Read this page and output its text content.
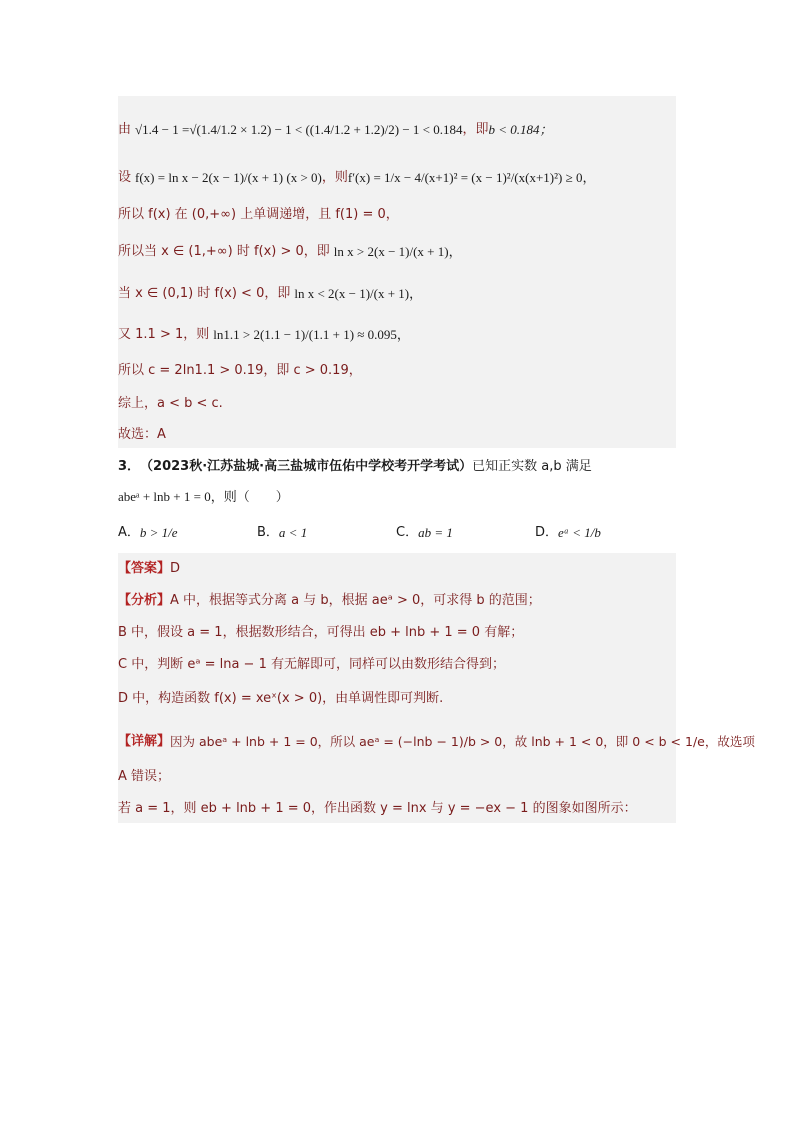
由 √1.4 − 1 = √(1.4/1.2 × 1.2) − 1 < ((1.4/1.2 + 1.2)/2) − 1 < 0.184 ，即 b < 0.184；
设 f(x) = ln x − 2(x − 1)/(x + 1) (x > 0) ，则 f′(x) = 1/x − 4/(x+1)² = (x − 1)²/(x(x+1)²) ≥ 0，
所以 f(x) 在 (0,+∞) 上单调递增，且 f(1) = 0，
所以当 x ∈ (1,+∞) 时 f(x) > 0，即 ln x > 2(x − 1)/(x + 1)，
当 x ∈ (0,1) 时 f(x) < 0，即 ln x < 2(x − 1)/(x + 1)，
又 1.1 > 1，则 ln1.1 > 2(1.1 − 1)/(1.1 + 1) ≈ 0.095，
所以 c = 2ln1.1 > 0.19，即 c > 0.19，
综上，a < b < c.
故选：A
3． （2023秋·江苏盐城·高三盐城市伍佑中学校考开学考试） 已知正实数 a,b 满足
abeᵃ + lnb + 1 = 0，则（　　）
A． b > 1/e	B． a < 1	C． ab = 1	D． eᵃ < 1/b
【答案】 D
【分析】 A 中，根据等式分离 a 与 b，根据 aeᵃ > 0，可求得 b 的范围；
B 中，假设 a = 1，根据数形结合，可得出 eb + lnb + 1 = 0 有解；
C 中，判断 eᵃ = lna − 1 有无解即可，同样可以由数形结合得到；
D 中，构造函数 f(x) = xeˣ(x > 0)，由单调性即可判断.
【详解】 因为 abeᵃ + lnb + 1 = 0，所以 aeᵃ = (−lnb − 1)/b > 0，故 lnb + 1 < 0，即 0 < b < 1/e，故选项
A 错误；
若 a = 1，则 eb + lnb + 1 = 0，作出函数 y = lnx 与 y = −ex − 1 的图象如图所示：
